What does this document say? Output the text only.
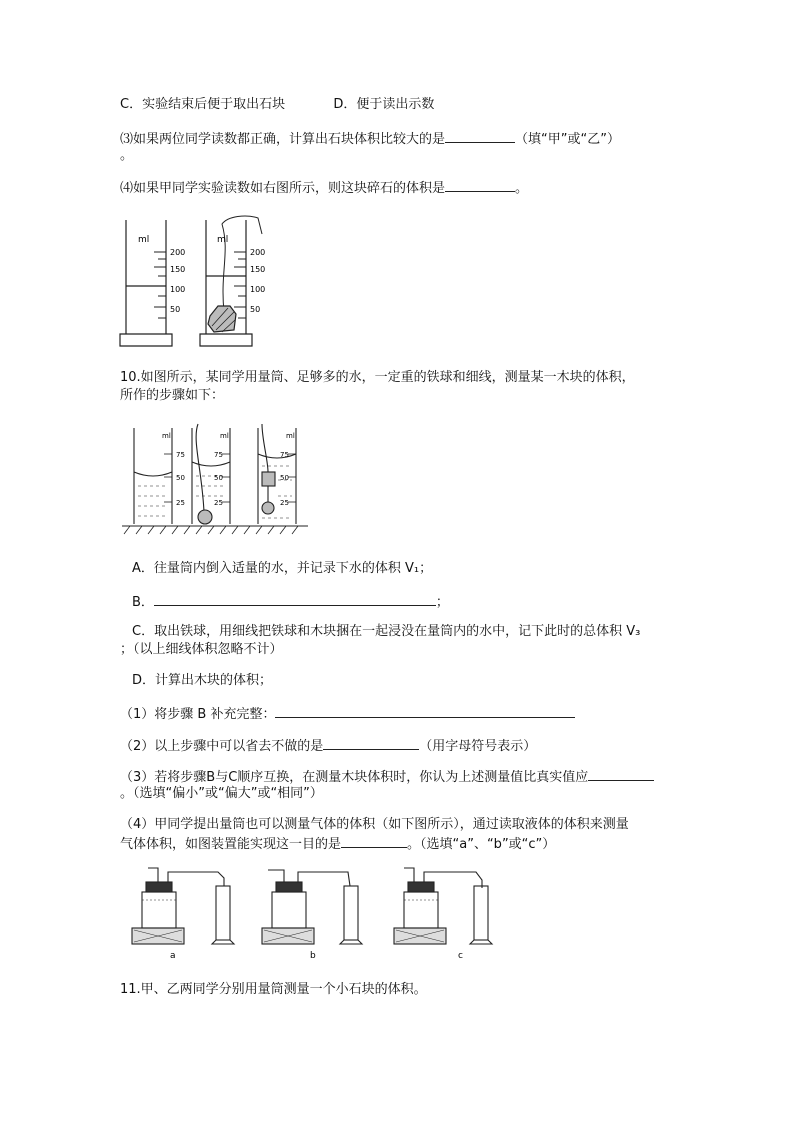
C．实验结束后便于取出石块	D．便于读出示数
⑶如果两位同学读数都正确，计算出石块体积比较大的是	（填“甲”或“乙”）
。
⑷如果甲同学实验读数如右图所示，则这块碎石的体积是	。
ml
200
150
100
50
ml
200
150
100
50
10.如图所示，某同学用量筒、足够多的水，一定重的铁球和细线，测量某一木块的体积，
所作的步骤如下：
ml	ml	ml
75
50
25
75
50
25
75
50
25
A．往量筒内倒入适量的水，并记录下水的体积 V₁；
B．	；
C．取出铁球，用细线把铁球和木块捆在一起浸没在量筒内的水中，记下此时的总体积 V₃
；（以上细线体积忽略不计）
D．计算出木块的体积；
（1）将步骤 B 补充完整：
（2）以上步骤中可以省去不做的是	（用字母符号表示）
（3）若将步骤B与C顺序互换，在测量木块体积时，你认为上述测量值比真实值应
。（选填“偏小”或“偏大”或“相同”）
（4）甲同学提出量筒也可以测量气体的体积（如下图所示），通过读取液体的体积来测量
气体体积，如图装置能实现这一目的是	。（选填“a”、“b”或“c”）
a	b	c
11.甲、乙两同学分别用量筒测量一个小石块的体积。
